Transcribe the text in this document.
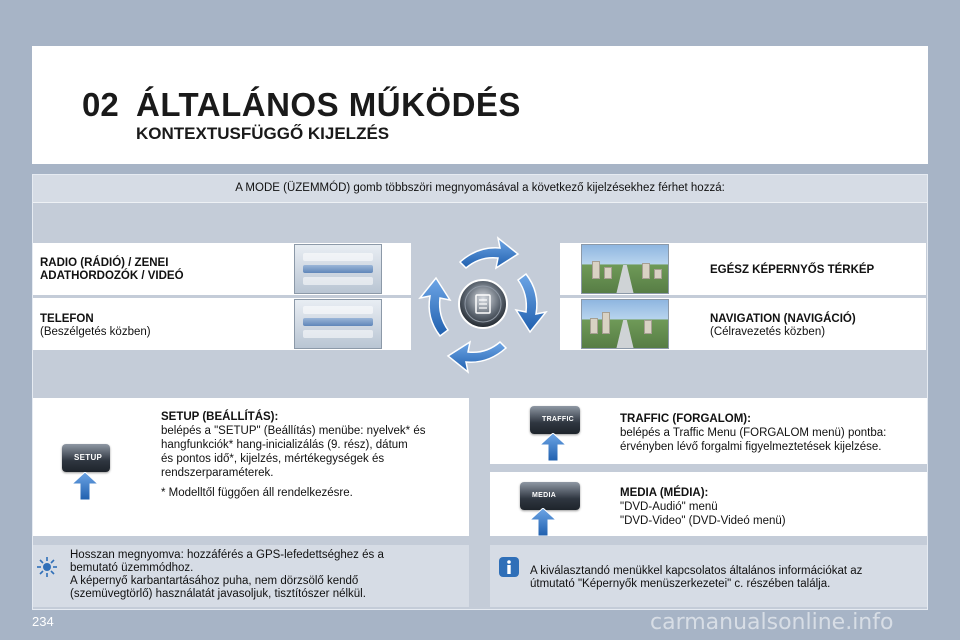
02 ÁLTALÁNOS MŰKÖDÉS
KONTEXTUSFÜGGŐ KIJELZÉS
A MODE (ÜZEMMÓD) gomb többszöri megnyomásával a következő kijelzésekhez férhet hozzá:
RADIO (RÁDIÓ) / ZENEI
ADATHORDOZÓK / VIDEÓ
TELEFON
(Beszélgetés közben)
EGÉSZ KÉPERNYŐS TÉRKÉP
NAVIGATION (NAVIGÁCIÓ)
(Célravezetés közben)
SETUP
SETUP (BEÁLLÍTÁS):
belépés a "SETUP" (Beállítás) menübe: nyelvek* és
hangfunkciók* hang-inicializálás (9. rész), dátum
és pontos idő*, kijelzés, mértékegységek és
rendszerparaméterek.
* Modelltől függően áll rendelkezésre.
TRAFFIC	TRAFFIC (FORGALOM):
belépés a Traffic Menu (FORGALOM menü) pontba:
érvényben lévő forgalmi figyelmeztetések kijelzése.
MEDIA	MEDIA (MÉDIA):
"DVD-Audió" menü
"DVD-Video" (DVD-Videó menü)
Hosszan megnyomva: hozzáférés a GPS-lefedettséghez és a
bemutató üzemmódhoz.
A képernyő karbantartásához puha, nem dörzsölő kendő
(szemüvegtörlő) használatát javasoljuk, tisztítószer nélkül.
A kiválasztandó menükkel kapcsolatos általános információkat az
útmutató "Képernyők menüszerkezetei" c. részében találja.
234	carmanualsonline.info
